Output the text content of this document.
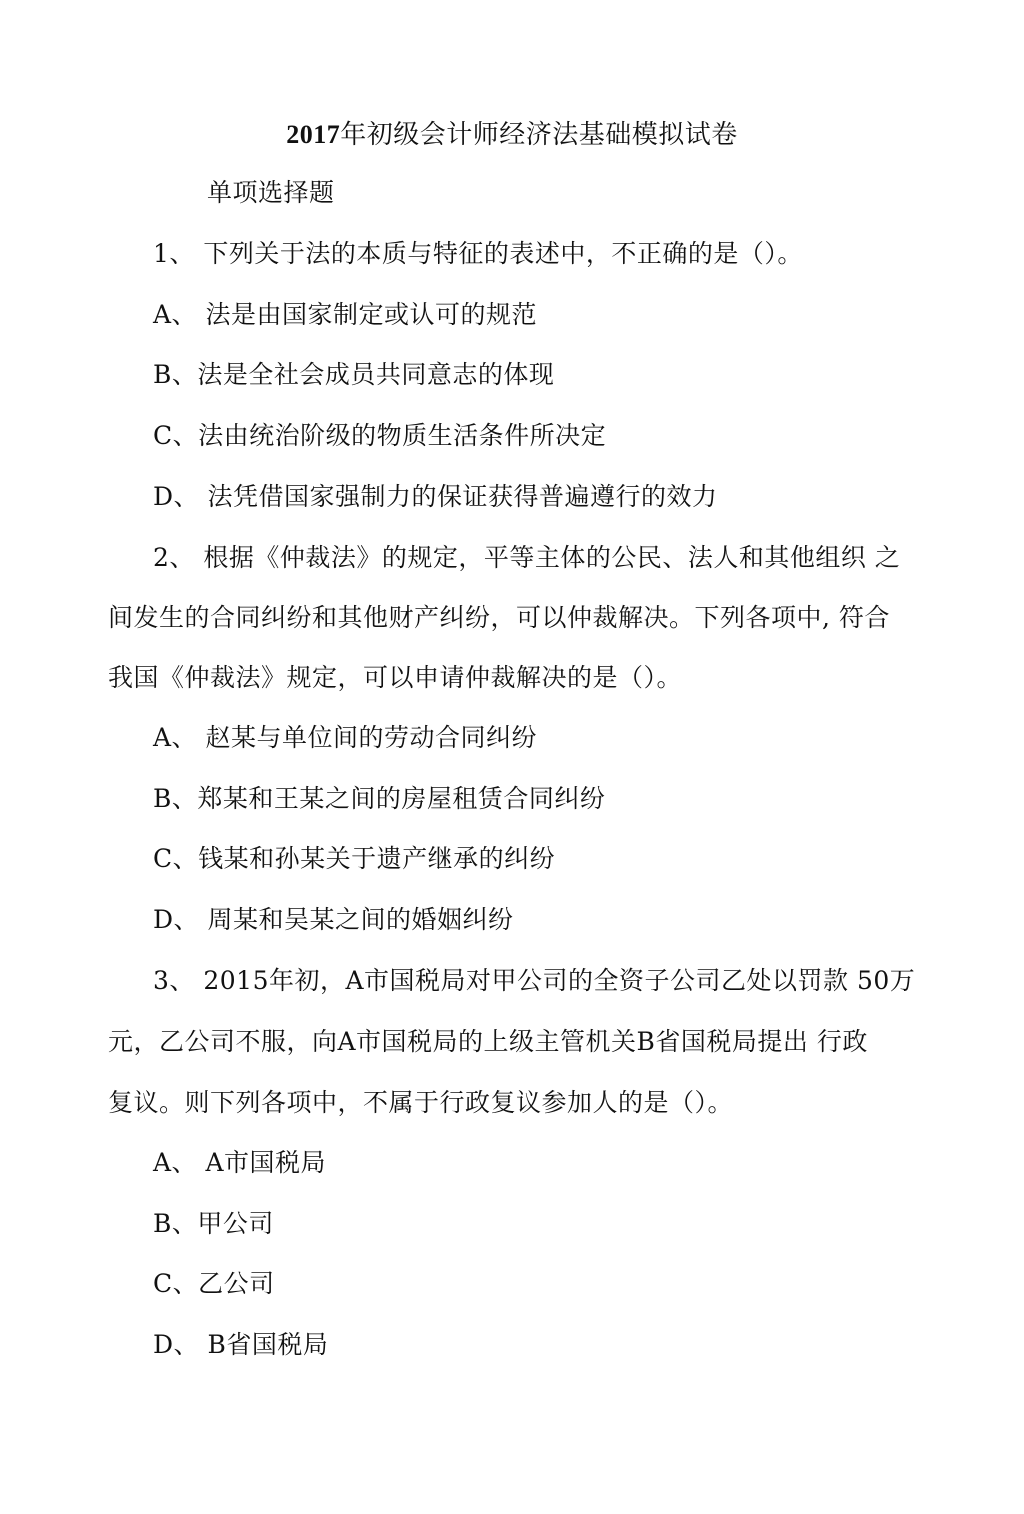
2017年初级会计师经济法基础模拟试卷
单项选择题
1、 下列关于法的本质与特征的表述中，不正确的是（）。
A、 法是由国家制定或认可的规范
B、法是全社会成员共同意志的体现
C、法由统治阶级的物质生活条件所决定
D、 法凭借国家强制力的保证获得普遍遵行的效力
2、 根据《仲裁法》的规定，平等主体的公民、法人和其他组织 之
间发生的合同纠纷和其他财产纠纷，可以仲裁解决。下列各项中, 符合
我国《仲裁法》规定，可以申请仲裁解决的是（）。
A、 赵某与单位间的劳动合同纠纷
B、郑某和王某之间的房屋租赁合同纠纷
C、钱某和孙某关于遗产继承的纠纷
D、 周某和吴某之间的婚姻纠纷
3、 2015年初，A市国税局对甲公司的全资子公司乙处以罚款 50万
元，乙公司不服，向A市国税局的上级主管机关B省国税局提出 行政
复议。则下列各项中，不属于行政复议参加人的是（）。
A、 A市国税局
B、甲公司
C、乙公司
D、 B省国税局
